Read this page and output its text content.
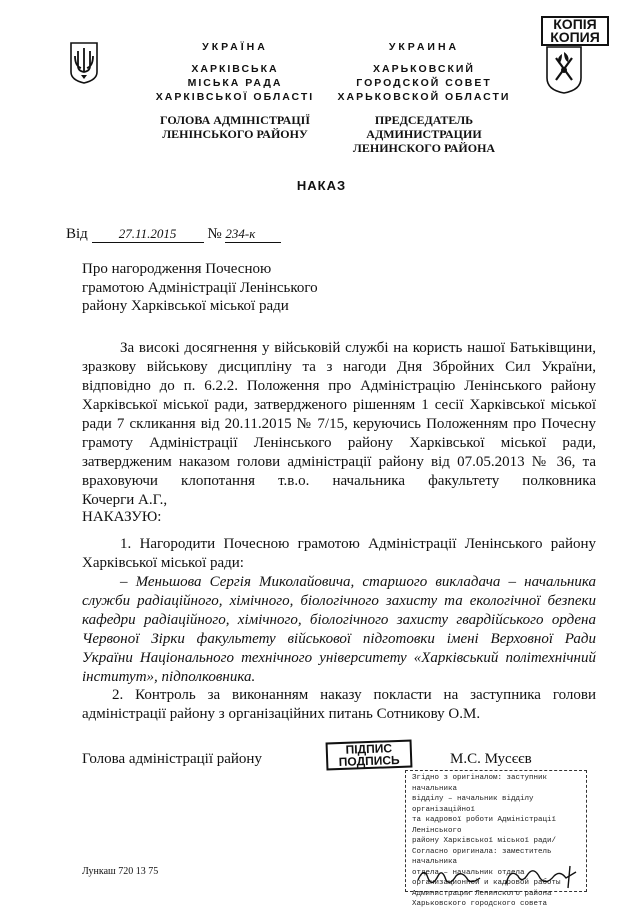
КОПІЯ
КОПИЯ
УКРАЇНА
ХАРКІВСЬКА
МІСЬКА РАДА
ХАРКІВСЬКОЇ ОБЛАСТІ
ГОЛОВА АДМІНІСТРАЦІЇ
ЛЕНІНСЬКОГО РАЙОНУ
УКРАИНА
ХАРЬКОВСКИЙ
ГОРОДСКОЙ СОВЕТ
ХАРЬКОВСКОЙ ОБЛАСТИ
ПРЕДСЕДАТЕЛЬ АДМИНИСТРАЦИИ
ЛЕНИНСКОГО РАЙОНА
НАКАЗ
Від 27.11.2015 № 234-к
Про нагородження Почесною
грамотою Адміністрації Ленінського
району Харківської міської ради
За високі досягнення у військовій службі на користь нашої Батьківщини,
зразкову військову дисципліну та з нагоди Дня Збройних Сил України,
відповідно до п. 6.2.2. Положення про Адміністрацію Ленінського району
Харківської міської ради, затвердженого рішенням 1 сесії Харківської міської
ради 7 скликання від 20.11.2015 № 7/15, керуючись Положенням про Почесну
грамоту Адміністрації Ленінського району Харківської міської ради,
затвердженим наказом голови адміністрації району від 07.05.2013 № 36, та
враховуючи клопотання т.в.о. начальника факультету полковника
Кочерги А.Г.,
НАКАЗУЮ:
1. Нагородити Почесною грамотою Адміністрації Ленінського району
Харківської міської ради:
– Меньшова Сергія Миколайовича, старшого викладача – начальника
служби радіаційного, хімічного, біологічного захисту та екологічної безпеки
кафедри радіаційного, хімічного, біологічного захисту гвардійського ордена
Червоної Зірки факультету військової підготовки імені Верховної Ради
України Національного технічного університету «Харківський політехнічний
інститут», підполковника.
2. Контроль за виконанням наказу покласти на заступника голови
адміністрації району з організаційних питань Сотникову О.М.
Голова адміністрації району
ПІДПИС
ПОДПИСЬ	М.С. Мусєєв
Згідно з оригіналом: заступник начальника
відділу – начальник відділу організаційної
та кадрової роботи Адміністрації Ленінського
району Харківської міської ради/
Согласно оригинала: заместитель начальника
отдела – начальник отдела
организационной и кадровой работы
Администрации Ленинского района
Харьковского городского совета
Лункаш 720 13 75
